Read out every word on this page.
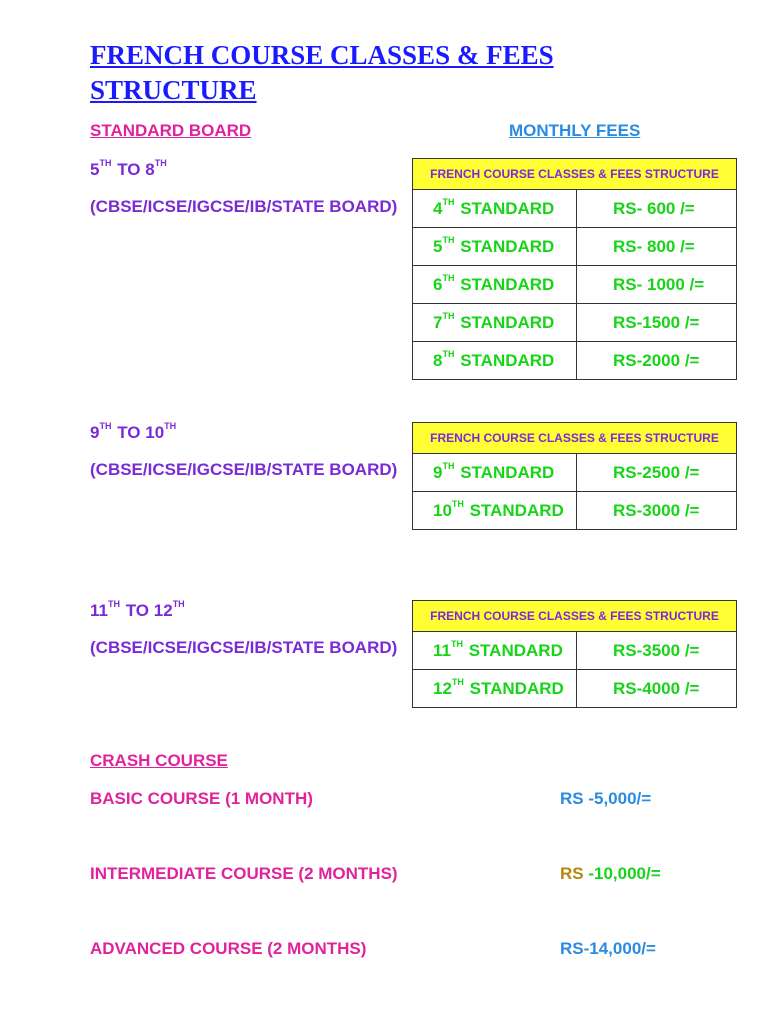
FRENCH COURSE CLASSES & FEES STRUCTURE
STANDARD BOARD	MONTHLY FEES
5TH TO 8TH
(CBSE/ICSE/IGCSE/IB/STATE BOARD)
FRENCH COURSE CLASSES & FEES STRUCTURE	
4TH STANDARD	RS- 600 /=
5TH STANDARD	RS- 800 /=
6TH STANDARD	RS- 1000 /=
7TH STANDARD	RS-1500 /=
8TH STANDARD	RS-2000 /=
9TH TO 10TH
(CBSE/ICSE/IGCSE/IB/STATE BOARD)
FRENCH COURSE CLASSES & FEES STRUCTURE	
9TH STANDARD	RS-2500 /=
10TH STANDARD	RS-3000 /=
11TH TO 12TH
(CBSE/ICSE/IGCSE/IB/STATE BOARD)
FRENCH COURSE CLASSES & FEES STRUCTURE	
11TH STANDARD	RS-3500 /=
12TH STANDARD	RS-4000 /=
CRASH COURSE
BASIC COURSE (1 MONTH)	RS -5,000/=
INTERMEDIATE COURSE (2 MONTHS)	RS -10,000/=
ADVANCED COURSE (2 MONTHS)	RS-14,000/=
